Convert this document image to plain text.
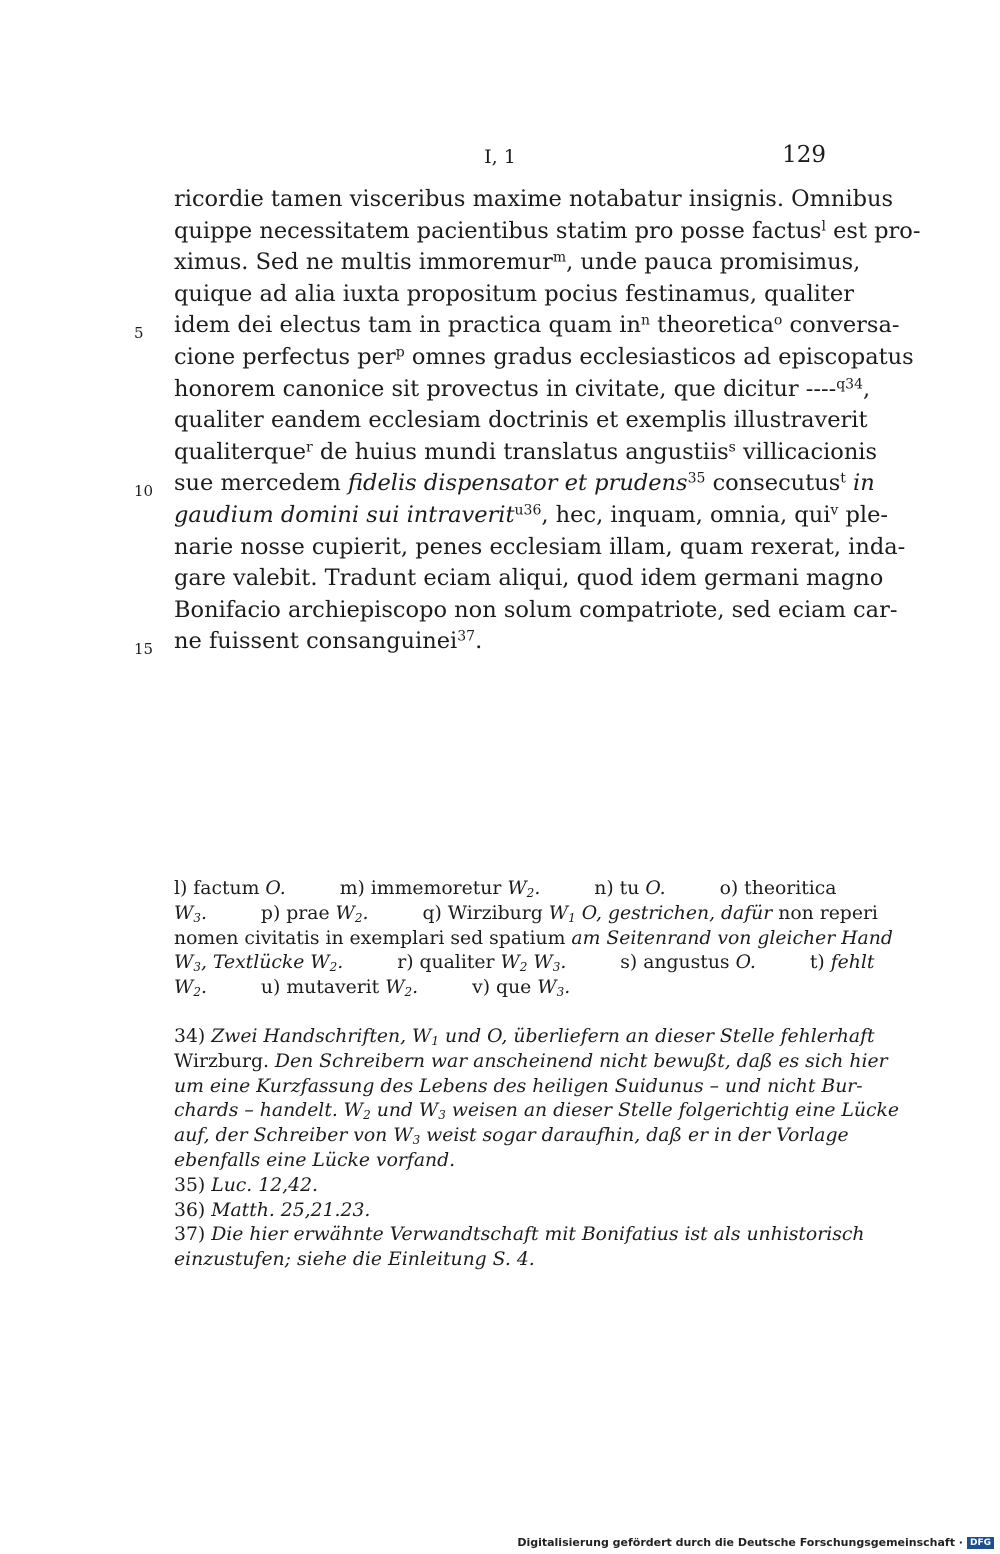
I, 1	129
5
10
15
ricordie tamen visceribus maxime notabatur insignis. Omnibus
quippe necessitatem pacientibus statim pro posse factus$^l$ est pro-
ximus. Sed ne multis immoremur$^m$, unde pauca promisimus,
quique ad alia iuxta propositum pocius festinamus, qualiter
idem dei electus tam in practica quam $in^n$ theoretica$^o$ conversa-
cione perfectus per$^p$ omnes gradus ecclesiasticos ad episcopatus
honorem canonice sit provectus in civitate, que dicitur ----$^{q34}$,
qualiter eandem ecclesiam doctrinis et exemplis illustraverit
qualiterque$^r$ de huius mundi translatus angustiis$^s$ villicacionis
sue mercedem fidelis dispensator et prudens$^{35}$ consecutus$^t$ in
gaudium domini sui intraverit$^{u36}$, hec, inquam, omnia, qui$^v$ ple-
narie nosse cupierit, penes ecclesiam illam, quam rexerat, inda-
gare valebit. Tradunt eciam aliqui, quod idem germani magno
Bonifacio archiepiscopo non solum compatriote, sed eciam car-
ne fuissent consanguinei$^{37}$.
l) factum O.	m) immemoretur $W_2$.	n) tu O.	o) theoritica
$W_3$.	p) prae $W_2$.	q) Wirziburg $W_1$ O, gestrichen, dafür non reperi
nomen civitatis in exemplari sed spatium am Seitenrand von gleicher Hand
$W_3$, Textlücke $W_2$.	r) qualiter $W_2$ $W_3$.	s) angustus O.	t) fehlt
$W_2$.	u) mutaverit $W_2$.	v) que $W_3$.
34) Zwei Handschriften, $W_1$ und O, überliefern an dieser Stelle fehlerhaft
Wirzburg. Den Schreibern war anscheinend nicht bewußt, daß es sich hier
um eine Kurzfassung des Lebens des heiligen Suidunus – und nicht Bur-
chards – handelt. $W_2$ und $W_3$ weisen an dieser Stelle folgerichtig eine Lücke
auf, der Schreiber von $W_3$ weist sogar daraufhin, daß er in der Vorlage
ebenfalls eine Lücke vorfand.
35) Luc. 12,42.
36) Matth. 25,21.23.
37) Die hier erwähnte Verwandtschaft mit Bonifatius ist als unhistorisch
einzustufen; siehe die Einleitung S. 4.
Digitalisierung gefördert durch die Deutsche Forschungsgemeinschaft · DFG
